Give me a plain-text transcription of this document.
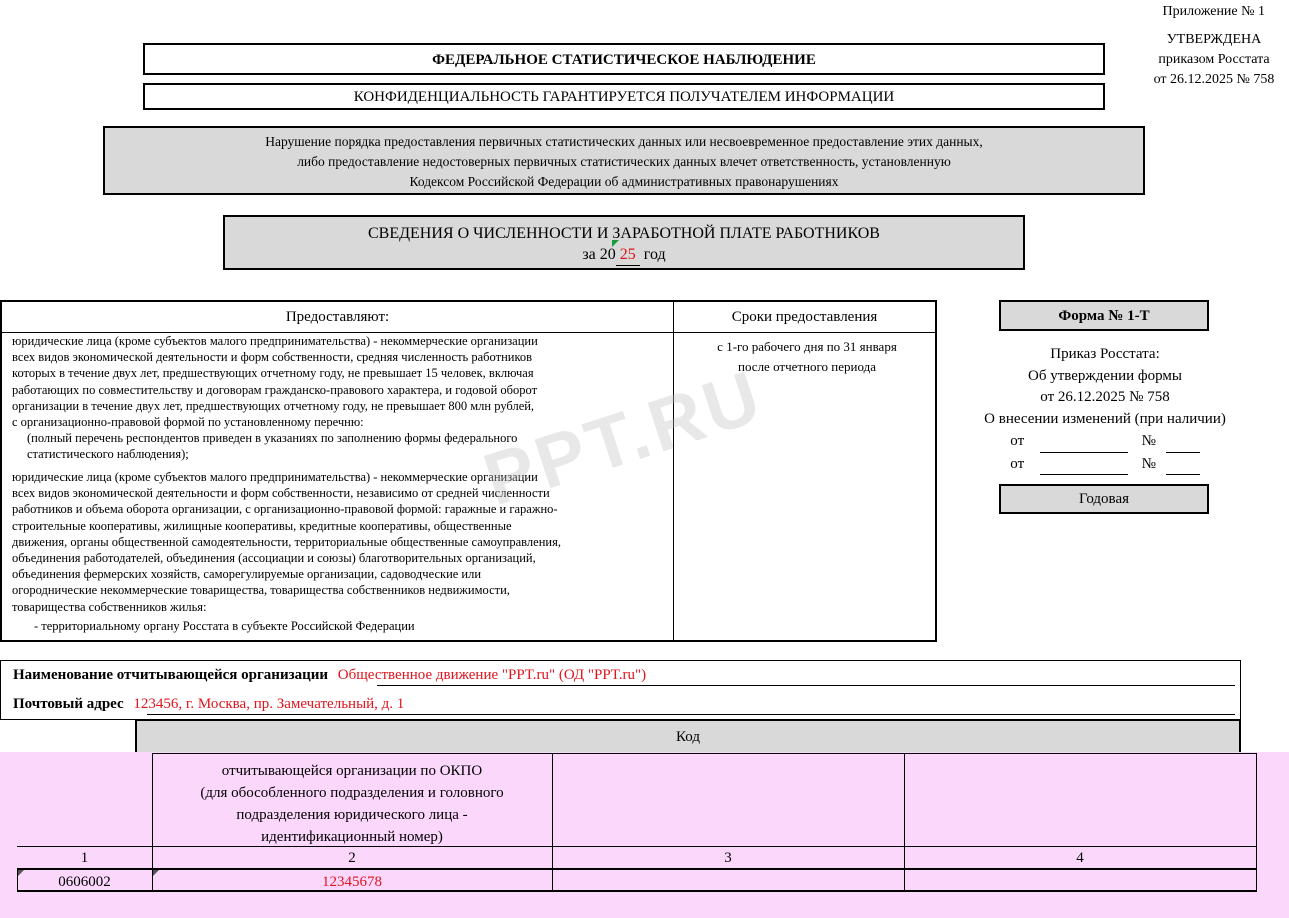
Приложение № 1
УТВЕРЖДЕНА
приказом Росстата
от 26.12.2025 № 758
ФЕДЕРАЛЬНОЕ СТАТИСТИЧЕСКОЕ НАБЛЮДЕНИЕ
КОНФИДЕНЦИАЛЬНОСТЬ ГАРАНТИРУЕТСЯ ПОЛУЧАТЕЛЕМ ИНФОРМАЦИИ
Нарушение порядка предоставления первичных статистических данных или несвоевременное предоставление этих данных,
либо предоставление недостоверных первичных статистических данных влечет ответственность, установленную
Кодексом Российской Федерации об административных правонарушениях
СВЕДЕНИЯ О ЧИСЛЕННОСТИ И ЗАРАБОТНОЙ ПЛАТЕ РАБОТНИКОВ
за 20 25 год
Предоставляют:	Сроки предоставления
юридические лица (кроме субъектов малого предпринимательства) - некоммерческие организации
всех видов экономической деятельности и форм собственности, средняя численность работников
которых в течение двух лет, предшествующих отчетному году, не превышает 15 человек, включая
работающих по совместительству и договорам гражданско-правового характера, и годовой оборот
организации в течение двух лет, предшествующих отчетному году, не превышает 800 млн рублей,
с организационно-правовой формой по установленному перечню:
(полный перечень респондентов приведен в указаниях по заполнению формы федерального
статистического наблюдения);
юридические лица (кроме субъектов малого предпринимательства) - некоммерческие организации
всех видов экономической деятельности и форм собственности, независимо от средней численности
работников и объема оборота организации, с организационно-правовой формой: гаражные и гаражно-
строительные кооперативы, жилищные кооперативы, кредитные кооперативы, общественные
движения, органы общественной самодеятельности, территориальные общественные самоуправления,
объединения работодателей, объединения (ассоциации и союзы) благотворительных организаций,
объединения фермерских хозяйств, саморегулируемые организации, садоводческие или
огороднические некоммерческие товарищества, товарищества собственников недвижимости,
товарищества собственников жилья:
- территориальному органу Росстата в субъекте Российской Федерации
с 1-го рабочего дня по 31 января
после отчетного периода
PPT.RU
Форма № 1-Т
Приказ Росстата:
Об утверждении формы
от 26.12.2025 № 758
О внесении изменений (при наличии)
от	№
от	№
Годовая
Наименование отчитывающейся организации Общественное движение "PPT.ru" (ОД "PPT.ru")
Почтовый адрес 123456, г. Москва, пр. Замечательный, д. 1
Код
отчитывающейся организации по ОКПО
(для обособленного подразделения и головного
подразделения юридического лица -
идентификационный номер)
1	2	3	4
0606002	12345678
